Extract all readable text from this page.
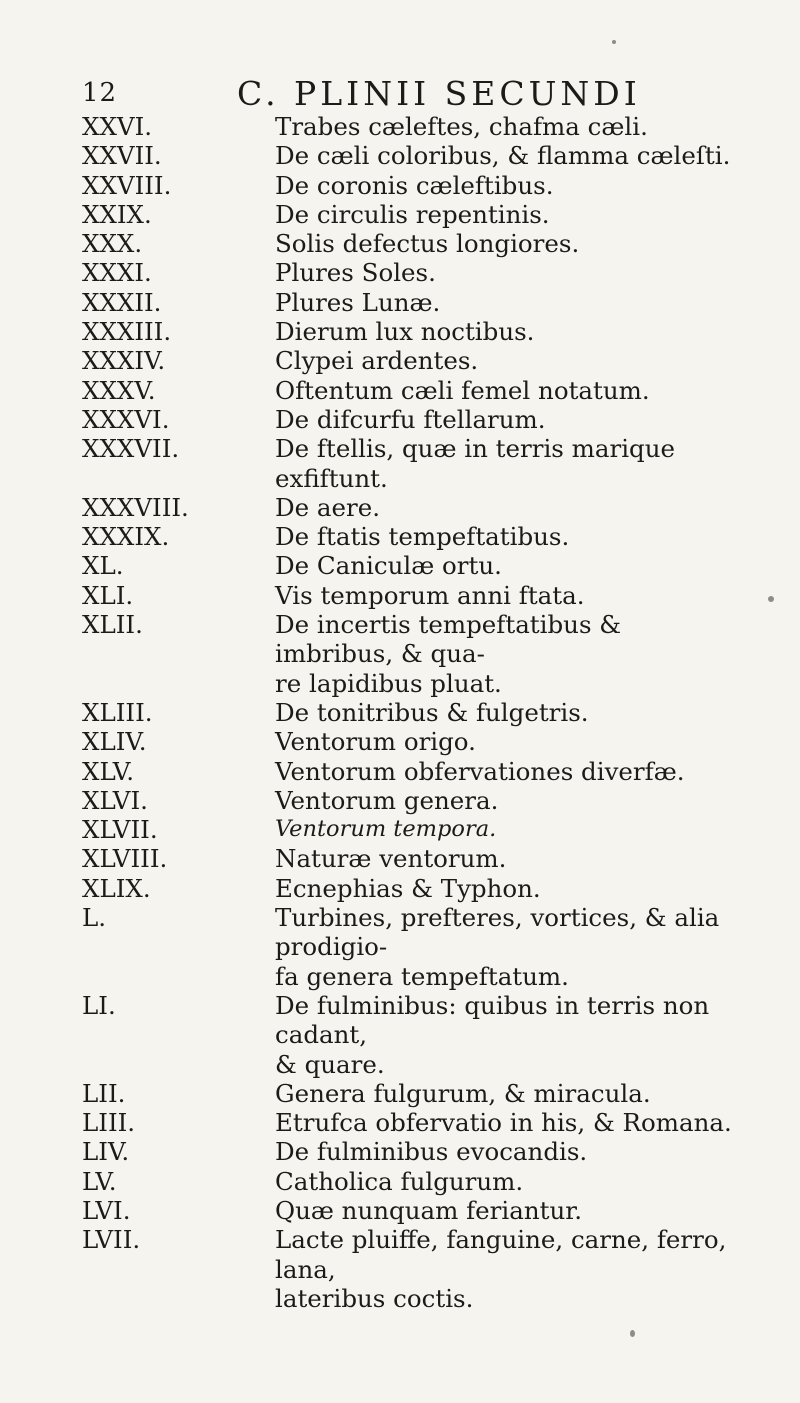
12	C. PLINII SECUNDI
XXVI.	Trabes cæleftes, chafma cæli.
XXVII.	De cæli coloribus, & flamma cæleſti.
XXVIII.	De coronis cæleftibus.
XXIX.	De circulis repentinis.
XXX.	Solis defectus longiores.
XXXI.	Plures Soles.
XXXII.	Plures Lunæ.
XXXIII.	Dierum lux noctibus.
XXXIV.	Clypei ardentes.
XXXV.	Oftentum cæli femel notatum.
XXXVI.	De difcurfu ftellarum.
XXXVII.	De ftellis, quæ in terris marique exfiftunt.
XXXVIII.	De aere.
XXXIX.	De ftatis tempeftatibus.
XL.	De Caniculæ ortu.
XLI.	Vis temporum anni ftata.
XLII.	De incertis tempeftatibus & imbribus, & qua-
re lapidibus pluat.
XLIII.	De tonitribus & fulgetris.
XLIV.	Ventorum origo.
XLV.	Ventorum obfervationes diverfæ.
XLVI.	Ventorum genera.
XLVII.	Ventorum tempora.
XLVIII.	Naturæ ventorum.
XLIX.	Ecnephias & Typhon.
L.	Turbines, prefteres, vortices, & alia prodigio-
fa genera tempeftatum.
LI.	De fulminibus: quibus in terris non cadant,
& quare.
LII.	Genera fulgurum, & miracula.
LIII.	Etrufca obfervatio in his, & Romana.
LIV.	De fulminibus evocandis.
LV.	Catholica fulgurum.
LVI.	Quæ nunquam feriantur.
LVII.	Lacte pluiffe, fanguine, carne, ferro, lana,
lateribus coctis.
